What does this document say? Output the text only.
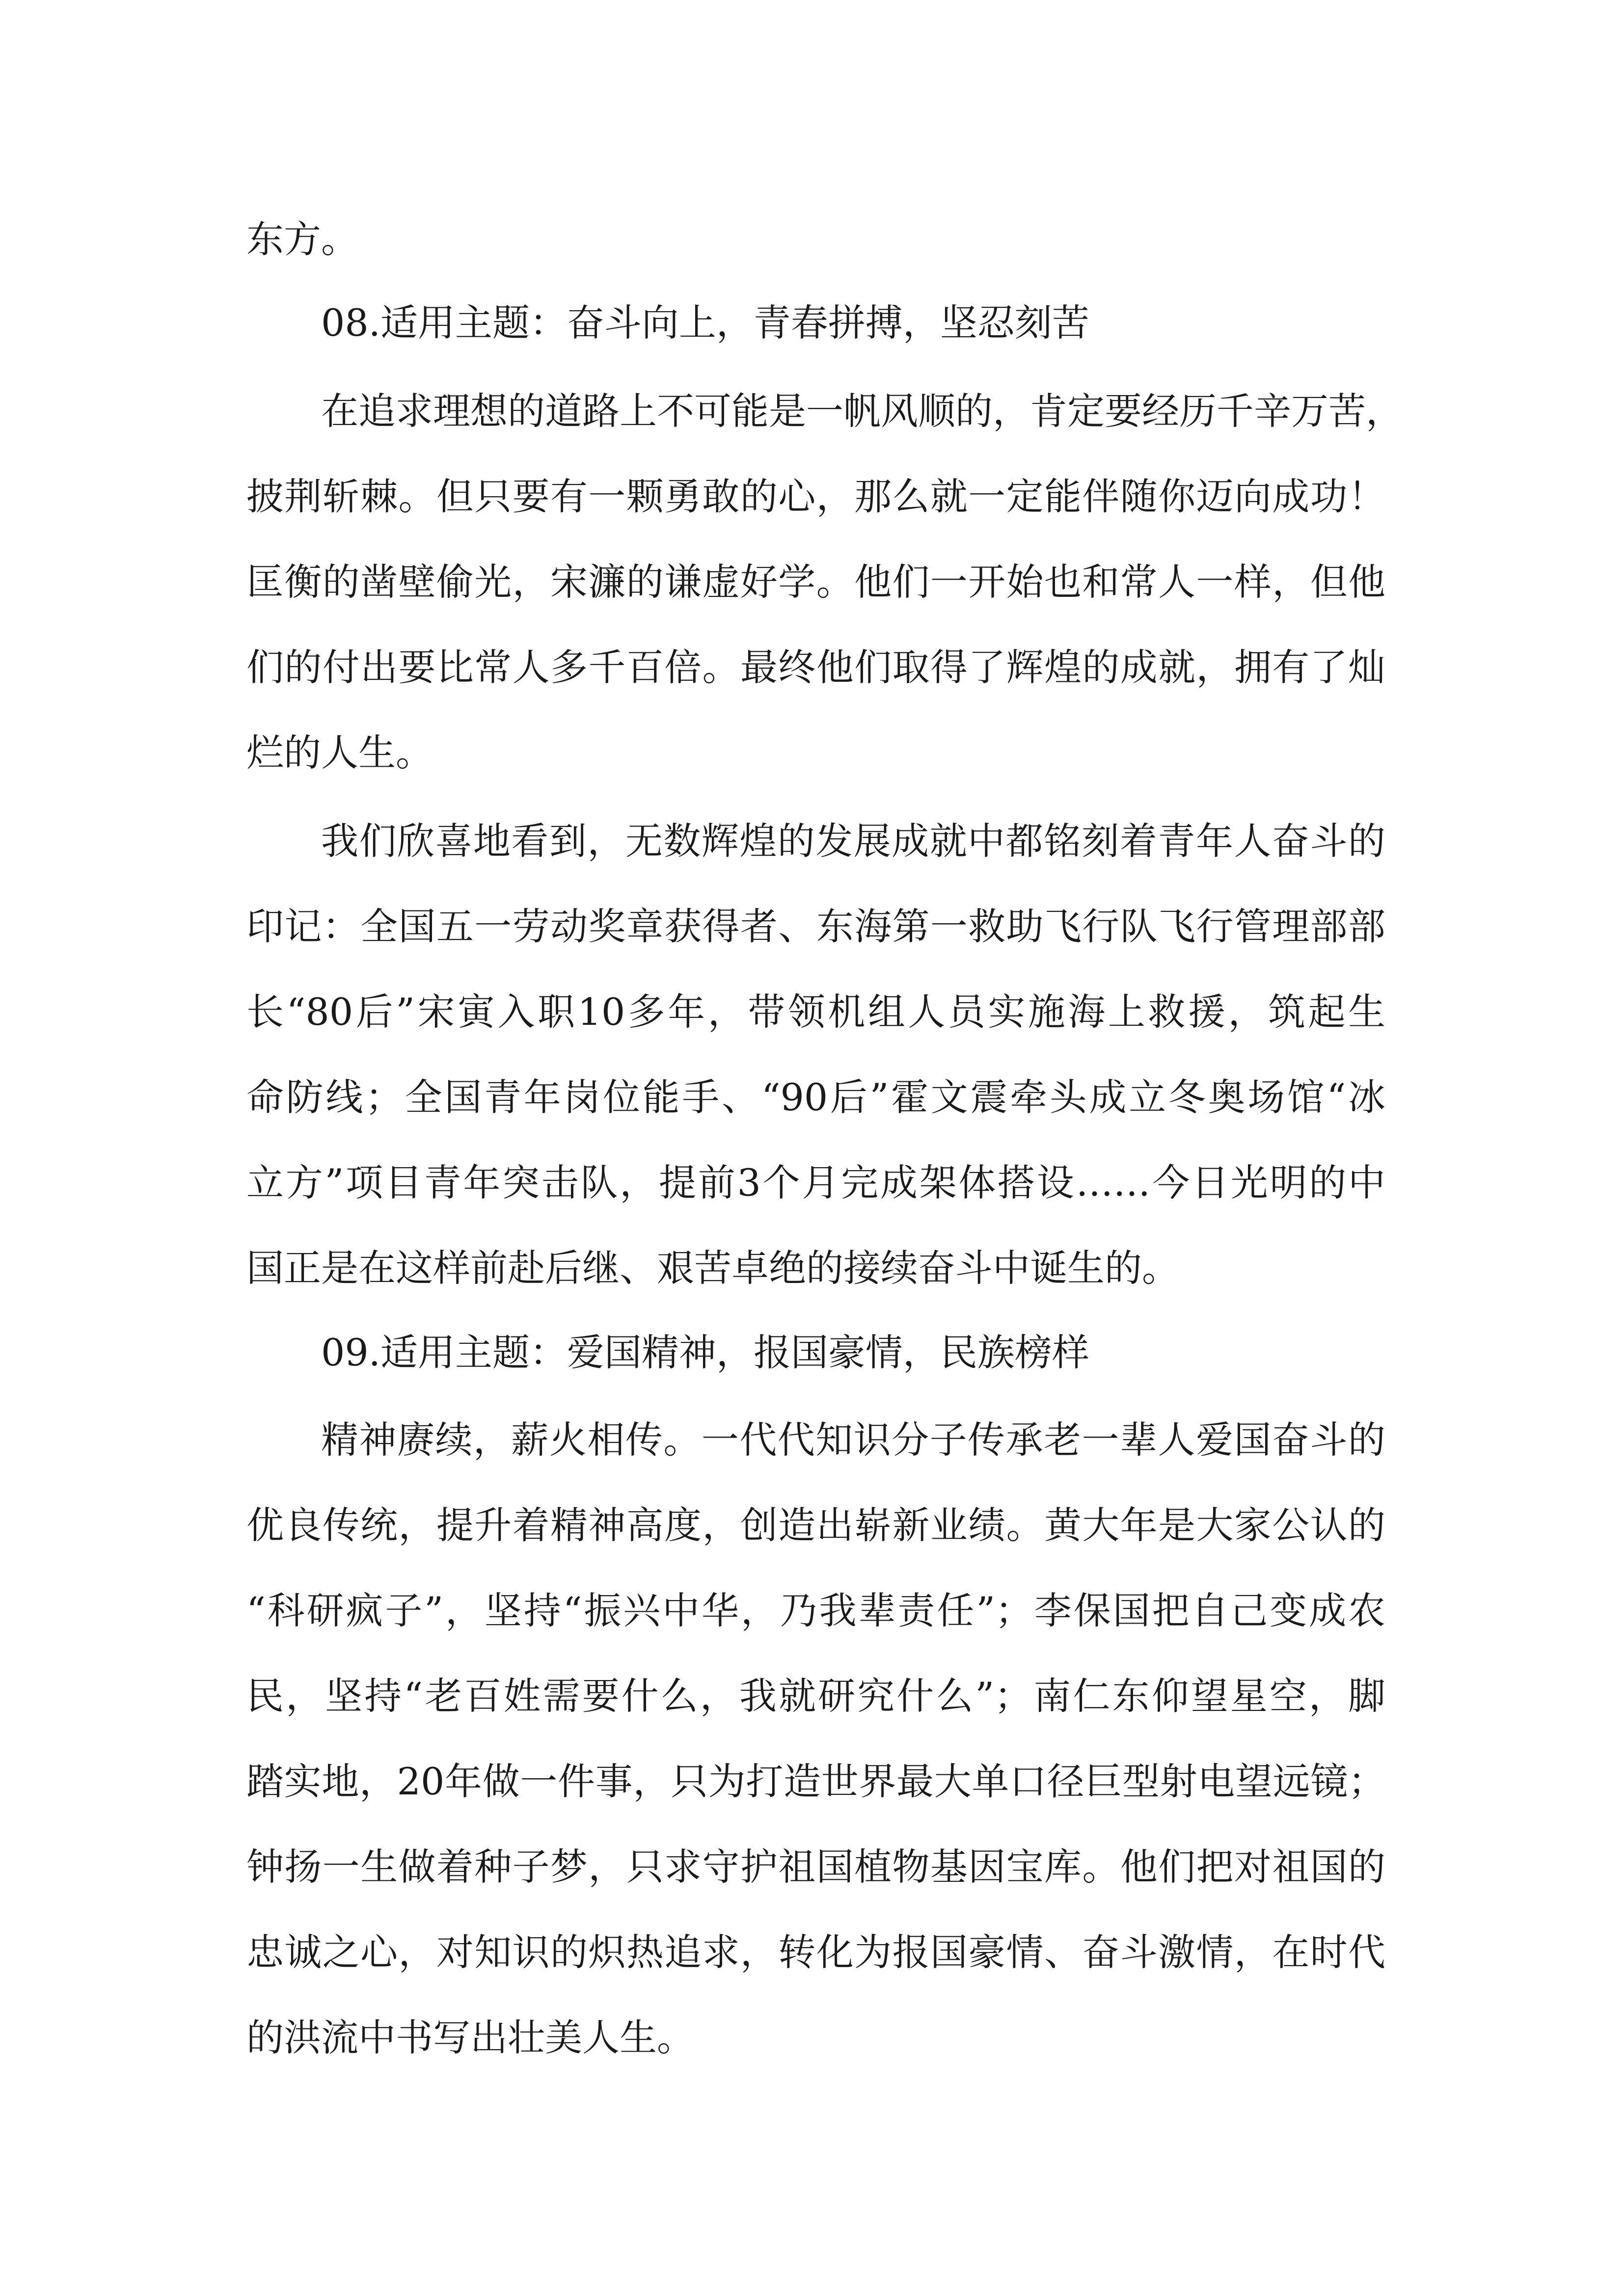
东方。
08.适用主题：奋斗向上，青春拼搏，坚忍刻苦
在追求理想的道路上不可能是一帆风顺的，肯定要经历千辛万苦，
披荆斩棘。但只要有一颗勇敢的心，那么就一定能伴随你迈向成功！
匡衡的凿壁偷光，宋濂的谦虚好学。他们一开始也和常人一样，但他
们的付出要比常人多千百倍。最终他们取得了辉煌的成就，拥有了灿
烂的人生。
我们欣喜地看到，无数辉煌的发展成就中都铭刻着青年人奋斗的
印记：全国五一劳动奖章获得者、东海第一救助飞行队飞行管理部部
长“80后”宋寅入职10多年，带领机组人员实施海上救援，筑起生
命防线；全国青年岗位能手、“90后”霍文震牵头成立冬奥场馆“冰
立方”项目青年突击队，提前3个月完成架体搭设……今日光明的中
国正是在这样前赴后继、艰苦卓绝的接续奋斗中诞生的。
09.适用主题：爱国精神，报国豪情，民族榜样
精神赓续，薪火相传。一代代知识分子传承老一辈人爱国奋斗的
优良传统，提升着精神高度，创造出崭新业绩。黄大年是大家公认的
“科研疯子”，坚持“振兴中华，乃我辈责任”；李保国把自己变成农
民，坚持“老百姓需要什么，我就研究什么”；南仁东仰望星空，脚
踏实地，20年做一件事，只为打造世界最大单口径巨型射电望远镜；
钟扬一生做着种子梦，只求守护祖国植物基因宝库。他们把对祖国的
忠诚之心，对知识的炽热追求，转化为报国豪情、奋斗激情，在时代
的洪流中书写出壮美人生。
